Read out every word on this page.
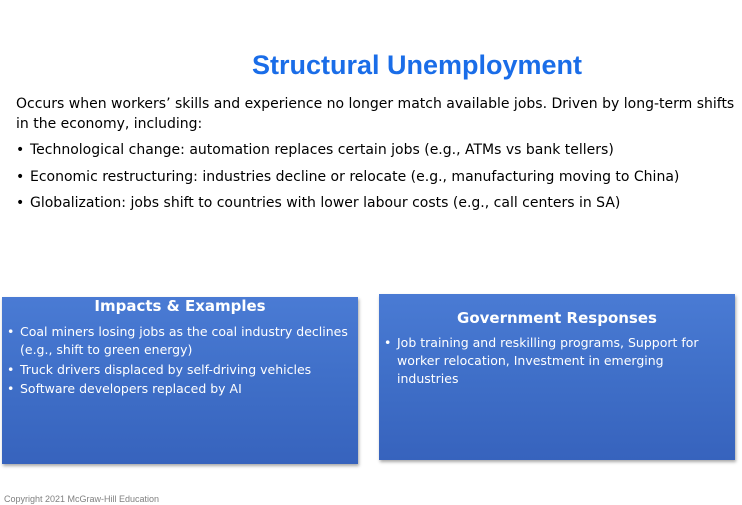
Structural Unemployment
Occurs when workers’ skills and experience no longer match available jobs. Driven by long-term shifts in the economy, including:
• Technological change: automation replaces certain jobs (e.g., ATMs vs bank tellers)
• Economic restructuring: industries decline or relocate (e.g., manufacturing moving to China)
• Globalization: jobs shift to countries with lower labour costs (e.g., call centers in SA)
Impacts & Examples
• Coal miners losing jobs as the coal industry declines (e.g., shift to green energy)
• Truck drivers displaced by self-driving vehicles
• Software developers replaced by AI
Government Responses
• Job training and reskilling programs, Support for worker relocation, Investment in emerging industries
Copyright 2021 McGraw-Hill Education
